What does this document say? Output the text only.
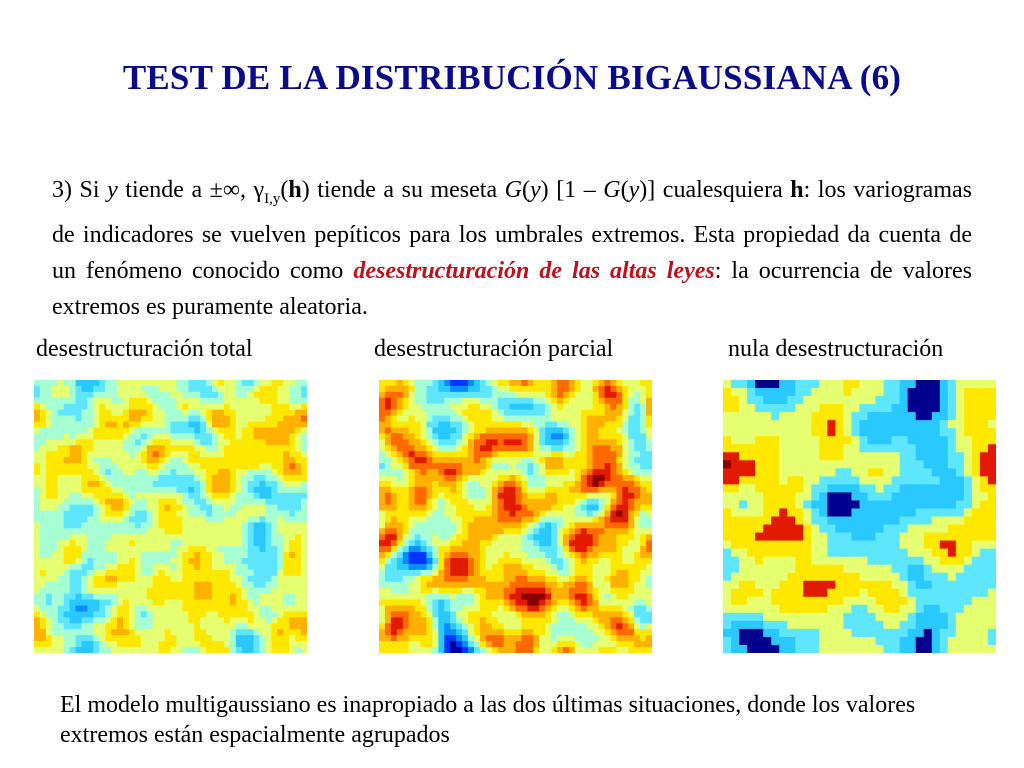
TEST DE LA DISTRIBUCIÓN BIGAUSSIANA (6)
3) Si y tiende a ±∞, $\gamma_{I,y}(h)$ tiende a su meseta G(y) [1 – G(y)] cualesquiera h: los variogramas de indicadores se vuelven pepíticos para los umbrales extremos. Esta propiedad da cuenta de un fenómeno conocido como desestructuración de las altas leyes: la ocurrencia de valores extremos es puramente aleatoria.
desestructuración total	desestructuración parcial	nula desestructuración
El modelo multigaussiano es inapropiado a las dos últimas situaciones, donde los valores extremos están espacialmente agrupados
